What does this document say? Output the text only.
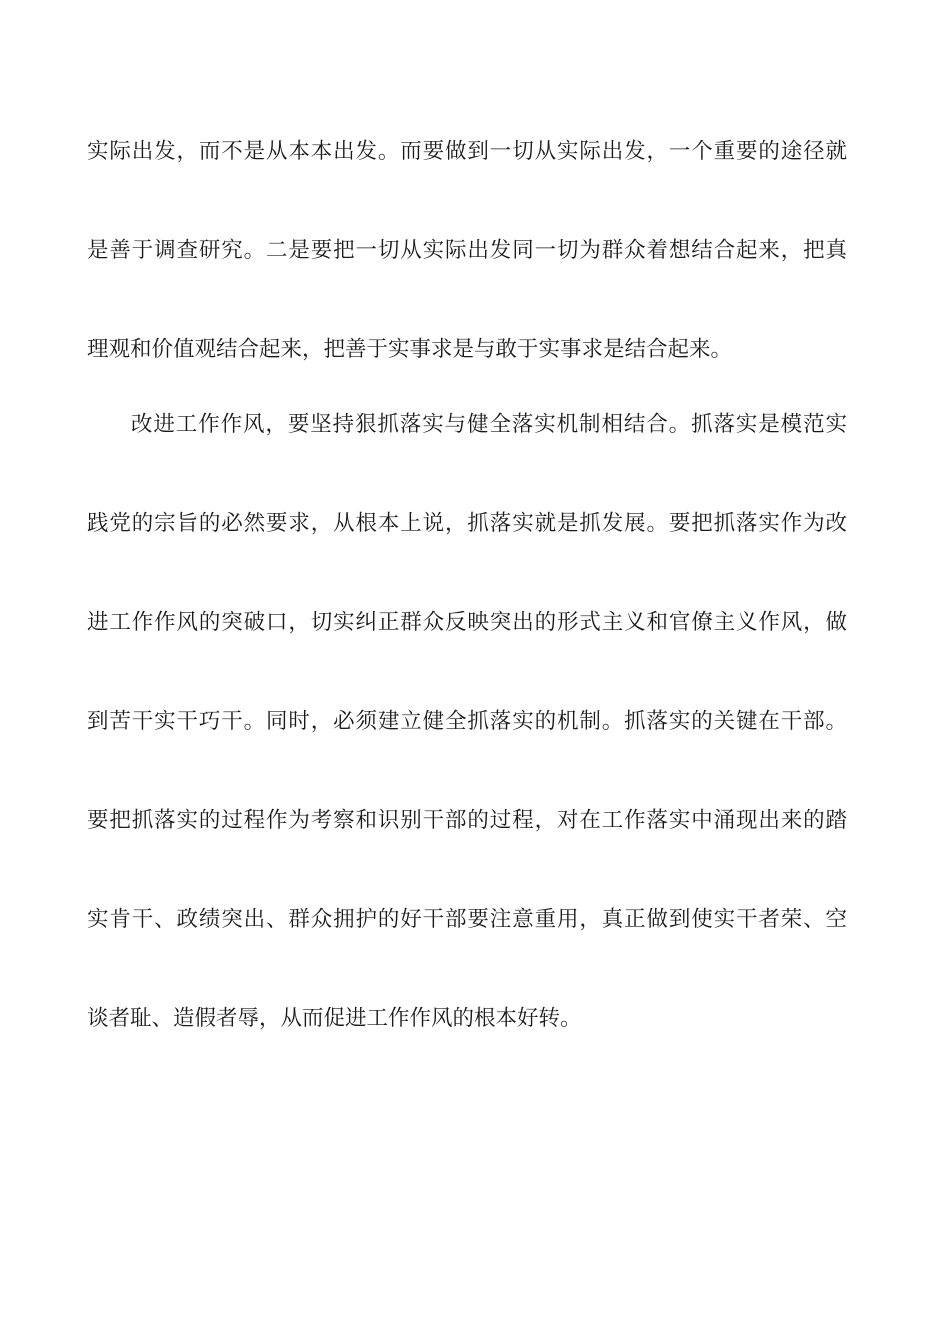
实际出发，而不是从本本出发。而要做到一切从实际出发，一个重要的途径就
是善于调查研究。二是要把一切从实际出发同一切为群众着想结合起来，把真
理观和价值观结合起来，把善于实事求是与敢于实事求是结合起来。
改进工作作风，要坚持狠抓落实与健全落实机制相结合。抓落实是模范实
践党的宗旨的必然要求，从根本上说，抓落实就是抓发展。要把抓落实作为改
进工作作风的突破口，切实纠正群众反映突出的形式主义和官僚主义作风，做
到苦干实干巧干。同时，必须建立健全抓落实的机制。抓落实的关键在干部。
要把抓落实的过程作为考察和识别干部的过程，对在工作落实中涌现出来的踏
实肯干、政绩突出、群众拥护的好干部要注意重用，真正做到使实干者荣、空
谈者耻、造假者辱，从而促进工作作风的根本好转。
